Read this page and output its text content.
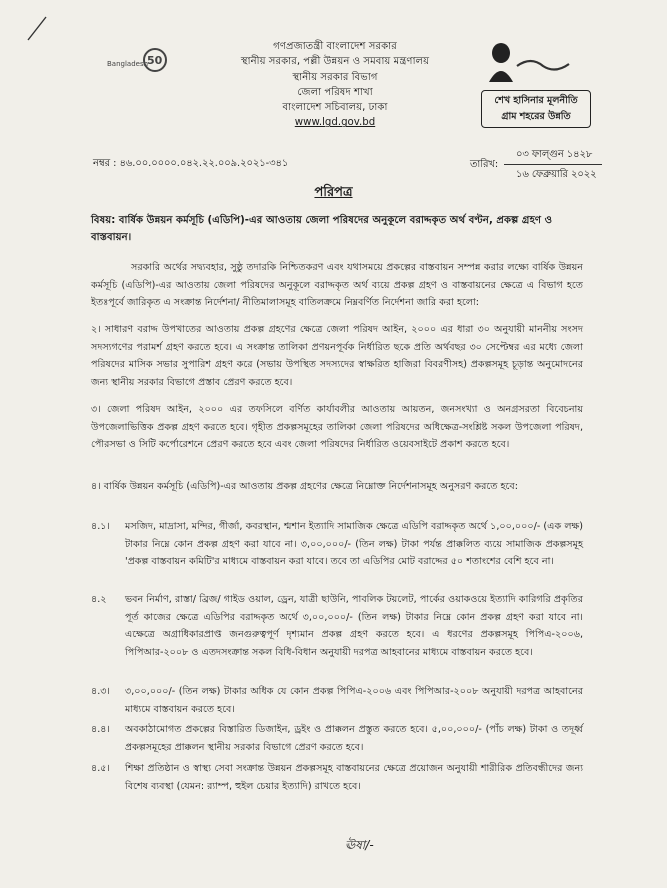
Bangladesh
50
গণপ্রজাতন্ত্রী বাংলাদেশ সরকার
স্থানীয় সরকার, পল্লী উন্নয়ন ও সমবায় মন্ত্রণালয়
স্থানীয় সরকার বিভাগ
জেলা পরিষদ শাখা
বাংলাদেশ সচিবালয়, ঢাকা
www.lgd.gov.bd
শেখ হাসিনার মূলনীতি
গ্রাম শহরের উন্নতি
নম্বর : ৪৬.০০.০০০০.০৪২.২২.০০৯.২০২১-৩৪১	তারিখ:
০৩ ফাল্গুন ১৪২৮
১৬ ফেব্রুয়ারি ২০২২
পরিপত্র
বিষয়: বার্ষিক উন্নয়ন কর্মসূচি (এডিপি)-এর আওতায় জেলা পরিষদের অনুকূলে বরাদ্দকৃত অর্থ বণ্টন, প্রকল্প গ্রহণ ও বাস্তবায়ন।
সরকারি অর্থের সদ্ব্যবহার, সুষ্ঠু তদারকি নিশ্চিতকরণ এবং যথাসময়ে প্রকল্পের বাস্তবায়ন সম্পন্ন করার লক্ষ্যে বার্ষিক উন্নয়ন কর্মসূচি (এডিপি)-এর আওতায় জেলা পরিষদের অনুকূলে বরাদ্দকৃত অর্থ ব্যয়ে প্রকল্প গ্রহণ ও বাস্তবায়নের ক্ষেত্রে এ বিভাগ হতে ইতঃপূর্বে জারিকৃত এ সংক্রান্ত নির্দেশনা/ নীতিমালাসমূহ বাতিলক্রমে নিম্নবর্ণিত নির্দেশনা জারি করা হলো:
২। সাধারণ বরাদ্দ উপখাতের আওতায় প্রকল্প গ্রহণের ক্ষেত্রে জেলা পরিষদ আইন, ২০০০ এর ধারা ৩০ অনুযায়ী মাননীয় সংসদ সদস্যগণের পরামর্শ গ্রহণ করতে হবে। এ সংক্রান্ত তালিকা প্রণয়নপূর্বক নির্ধারিত ছকে প্রতি অর্থবছর ৩০ সেপ্টেম্বর এর মধ্যে জেলা পরিষদের মাসিক সভার সুপারিশ গ্রহণ করে (সভায় উপস্থিত সদস্যদের স্বাক্ষরিত হাজিরা বিবরণীসহ) প্রকল্পসমূহ চূড়ান্ত অনুমোদনের জন্য স্থানীয় সরকার বিভাগে প্রস্তাব প্রেরণ করতে হবে।
৩। জেলা পরিষদ আইন, ২০০০ এর তফসিলে বর্ণিত কার্যাবলীর আওতায় আয়তন, জনসংখ্যা ও অনগ্রসরতা বিবেচনায় উপজেলাভিত্তিক প্রকল্প গ্রহণ করতে হবে। গৃহীত প্রকল্পসমূহের তালিকা জেলা পরিষদের অধিক্ষেত্র-সংশ্লিষ্ট সকল উপজেলা পরিষদ, পৌরসভা ও সিটি কর্পোরেশনে প্রেরণ করতে হবে এবং জেলা পরিষদের নির্ধারিত ওয়েবসাইটে প্রকাশ করতে হবে।
৪। বার্ষিক উন্নয়ন কর্মসূচি (এডিপি)-এর আওতায় প্রকল্প গ্রহণের ক্ষেত্রে নিম্নোক্ত নির্দেশনাসমূহ অনুসরণ করতে হবে:
৪.১। মসজিদ, মাদ্রাসা, মন্দির, গীর্জা, কবরস্থান, শ্মশান ইত্যাদি সামাজিক ক্ষেত্রে এডিপি বরাদ্দকৃত অর্থে ১,০০,০০০/- (এক লক্ষ) টাকার নিম্নে কোন প্রকল্প গ্রহণ করা যাবে না। ৩,০০,০০০/- (তিন লক্ষ) টাকা পর্যন্ত প্রাক্কলিত ব্যয়ে সামাজিক প্রকল্পসমূহ 'প্রকল্প বাস্তবায়ন কমিটি'র মাধ্যমে বাস্তবায়ন করা যাবে। তবে তা এডিপির মোট বরাদ্দের ৫০ শতাংশের বেশি হবে না।
৪.২ ভবন নির্মাণ, রাস্তা/ ব্রিজ/ গাইড ওয়াল, ড্রেন, যাত্রী ছাউনি, পাবলিক টয়লেট, পার্কের ওয়াকওয়ে ইত্যাদি কারিগরি প্রকৃতির পূর্ত কাজের ক্ষেত্রে এডিপির বরাদ্দকৃত অর্থে ৩,০০,০০০/- (তিন লক্ষ) টাকার নিম্নে কোন প্রকল্প গ্রহণ করা যাবে না। এক্ষেত্রে অগ্রাধিকারপ্রাপ্ত জনগুরুত্বপূর্ণ দৃশ্যমান প্রকল্প গ্রহণ করতে হবে। এ ধরণের প্রকল্পসমূহ পিপিএ-২০০৬, পিপিআর-২০০৮ ও এতদসংক্রান্ত সকল বিধি-বিধান অনুযায়ী দরপত্র আহবানের মাধ্যমে বাস্তবায়ন করতে হবে।
৪.৩। ৩,০০,০০০/- (তিন লক্ষ) টাকার অধিক যে কোন প্রকল্প পিপিএ-২০০৬ এবং পিপিআর-২০০৮ অনুযায়ী দরপত্র আহবানের মাধ্যমে বাস্তবায়ন করতে হবে।
৪.৪। অবকাঠামোগত প্রকল্পের বিস্তারিত ডিজাইন, ড্রইং ও প্রাক্কলন প্রস্তুত করতে হবে। ৫,০০,০০০/- (পাঁচ লক্ষ) টাকা ও তদূর্ধ্ব প্রকল্পসমূহের প্রাক্কলন স্থানীয় সরকার বিভাগে প্রেরণ করতে হবে।
৪.৫। শিক্ষা প্রতিষ্ঠান ও স্বাস্থ্য সেবা সংক্রান্ত উন্নয়ন প্রকল্পসমূহ বাস্তবায়নের ক্ষেত্রে প্রয়োজন অনুযায়ী শারীরিক প্রতিবন্ধীদের জন্য বিশেষ ব্যবস্থা (যেমন: র‍্যাম্প, হুইল চেয়ার ইত্যাদি) রাখতে হবে।
ঊষা/-
